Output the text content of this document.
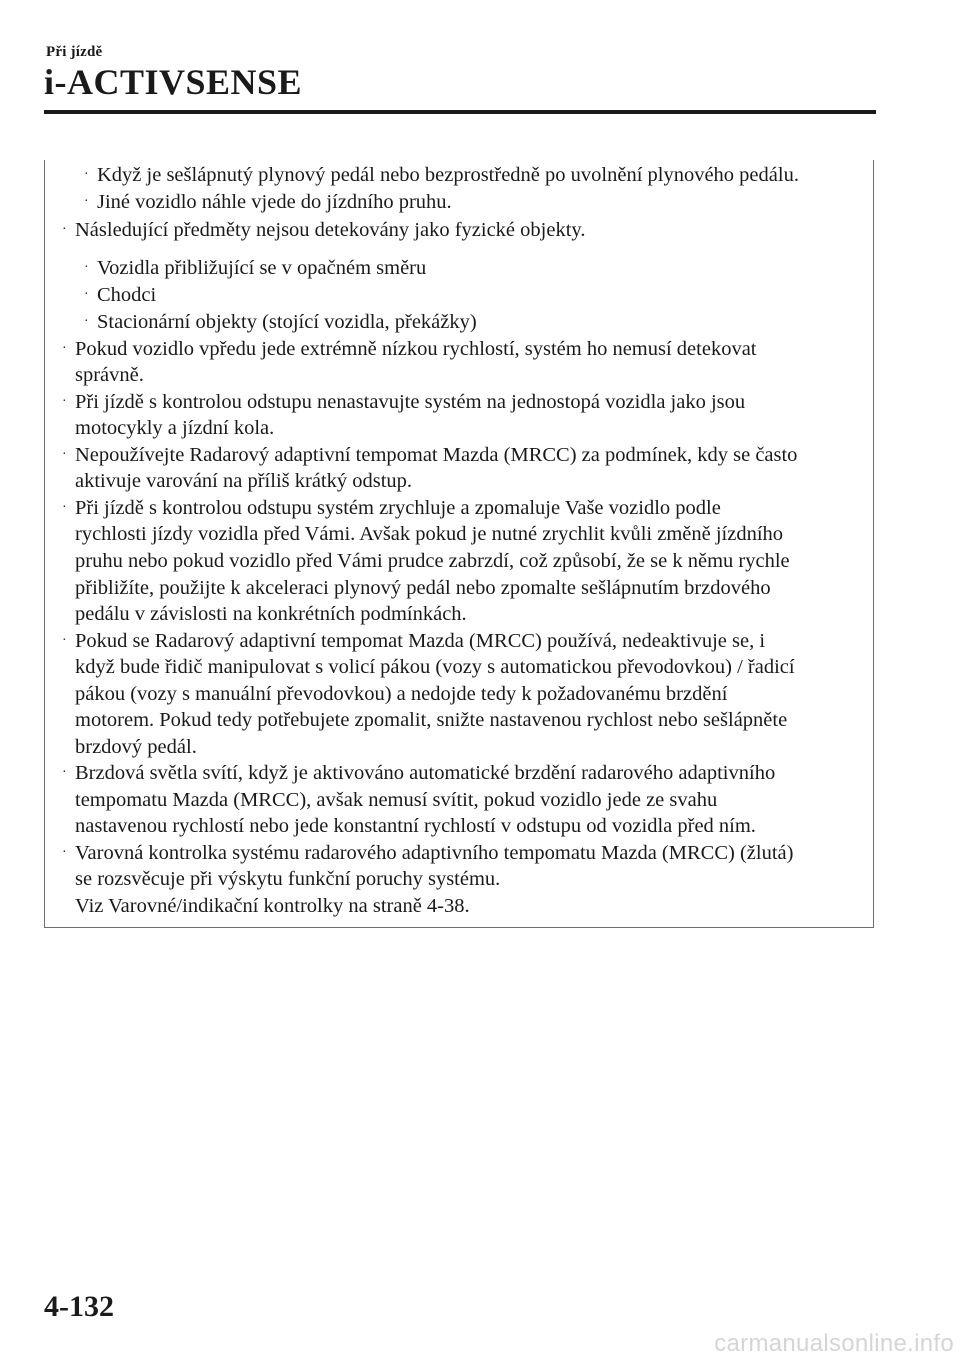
Při jízdě
i-ACTIVSENSE
· Když je sešlápnutý plynový pedál nebo bezprostředně po uvolnění plynového pedálu.
· Jiné vozidlo náhle vjede do jízdního pruhu.
· Následující předměty nejsou detekovány jako fyzické objekty.
· Vozidla přibližující se v opačném směru
· Chodci
· Stacionární objekty (stojící vozidla, překážky)
· Pokud vozidlo vpředu jede extrémně nízkou rychlostí, systém ho nemusí detekovat
správně.
· Při jízdě s kontrolou odstupu nenastavujte systém na jednostopá vozidla jako jsou
motocykly a jízdní kola.
· Nepoužívejte Radarový adaptivní tempomat Mazda (MRCC) za podmínek, kdy se často
aktivuje varování na příliš krátký odstup.
· Při jízdě s kontrolou odstupu systém zrychluje a zpomaluje Vaše vozidlo podle
rychlosti jízdy vozidla před Vámi. Avšak pokud je nutné zrychlit kvůli změně jízdního
pruhu nebo pokud vozidlo před Vámi prudce zabrzdí, což způsobí, že se k němu rychle
přibližíte, použijte k akceleraci plynový pedál nebo zpomalte sešlápnutím brzdového
pedálu v závislosti na konkrétních podmínkách.
· Pokud se Radarový adaptivní tempomat Mazda (MRCC) používá, nedeaktivuje se, i
když bude řidič manipulovat s volicí pákou (vozy s automatickou převodovkou) / řadicí
pákou (vozy s manuální převodovkou) a nedojde tedy k požadovanému brzdění
motorem. Pokud tedy potřebujete zpomalit, snižte nastavenou rychlost nebo sešlápněte
brzdový pedál.
· Brzdová světla svítí, když je aktivováno automatické brzdění radarového adaptivního
tempomatu Mazda (MRCC), avšak nemusí svítit, pokud vozidlo jede ze svahu
nastavenou rychlostí nebo jede konstantní rychlostí v odstupu od vozidla před ním.
· Varovná kontrolka systému radarového adaptivního tempomatu Mazda (MRCC) (žlutá)
se rozsvěcuje při výskytu funkční poruchy systému.
Viz Varovné/indikační kontrolky na straně 4-38.
4-132
carmanualsonline.info
